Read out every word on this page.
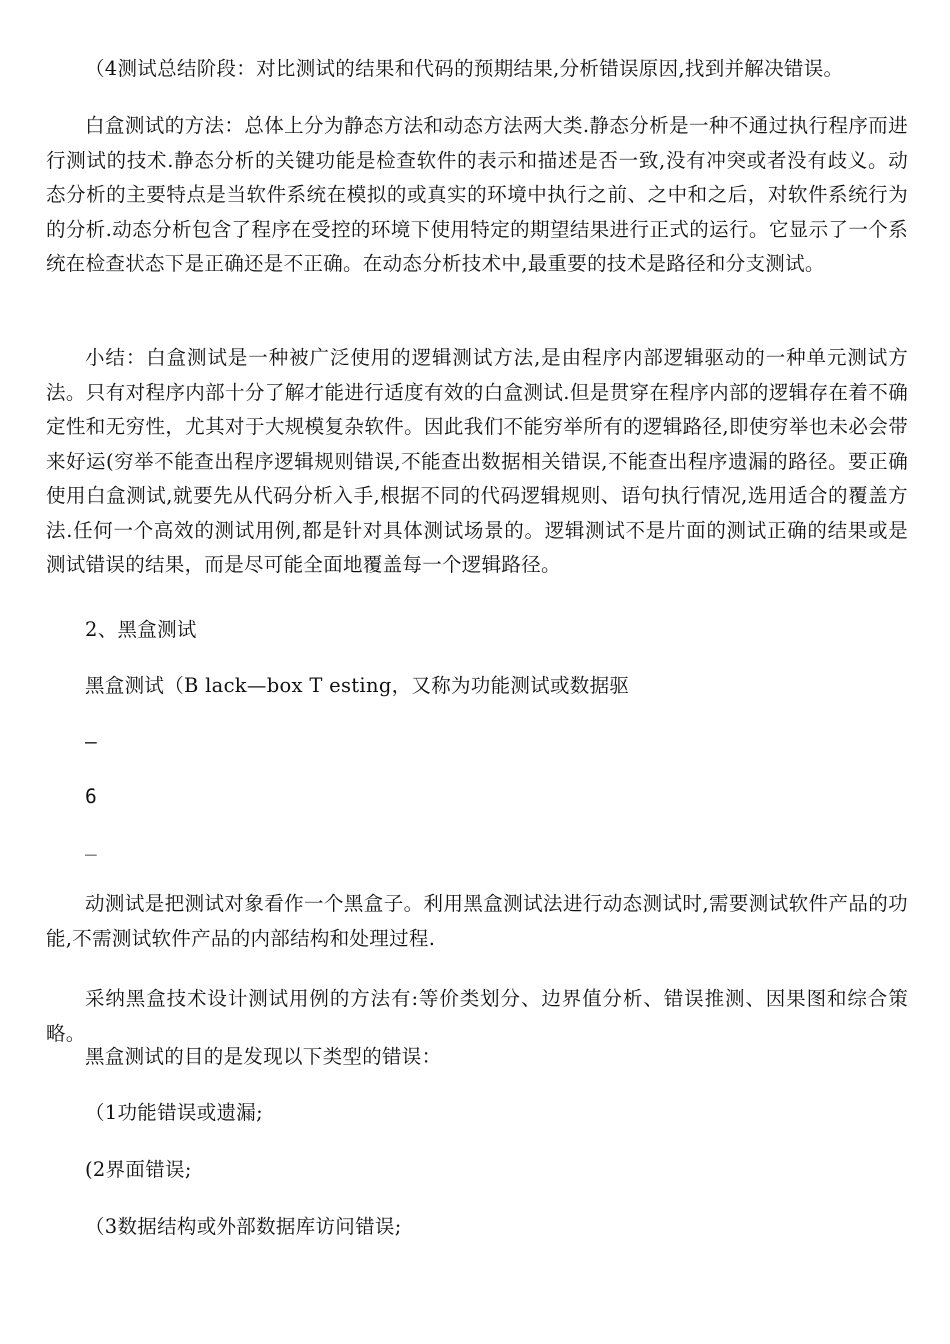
（4测试总结阶段：对比测试的结果和代码的预期结果,分析错误原因,找到并解决错误。

白盒测试的方法：总体上分为静态方法和动态方法两大类.静态分析是一种不通过执行程序而进行测试的技术.静态分析的关键功能是检查软件的表示和描述是否一致,没有冲突或者没有歧义。动态分析的主要特点是当软件系统在模拟的或真实的环境中执行之前、之中和之后，对软件系统行为的分析.动态分析包含了程序在受控的环境下使用特定的期望结果进行正式的运行。它显示了一个系统在检查状态下是正确还是不正确。在动态分析技术中,最重要的技术是路径和分支测试。

小结：白盒测试是一种被广泛使用的逻辑测试方法,是由程序内部逻辑驱动的一种单元测试方法。只有对程序内部十分了解才能进行适度有效的白盒测试.但是贯穿在程序内部的逻辑存在着不确定性和无穷性，尤其对于大规模复杂软件。因此我们不能穷举所有的逻辑路径,即使穷举也未必会带来好运(穷举不能查出程序逻辑规则错误,不能查出数据相关错误,不能查出程序遗漏的路径。要正确使用白盒测试,就要先从代码分析入手,根据不同的代码逻辑规则、语句执行情况,选用适合的覆盖方法.任何一个高效的测试用例,都是针对具体测试场景的。逻辑测试不是片面的测试正确的结果或是测试错误的结果，而是尽可能全面地覆盖每一个逻辑路径。

2、黑盒测试

黑盒测试（B lack—box T esting，又称为功能测试或数据驱

—

6

_

动测试是把测试对象看作一个黑盒子。利用黑盒测试法进行动态测试时,需要测试软件产品的功能,不需测试软件产品的内部结构和处理过程.

采纳黑盒技术设计测试用例的方法有:等价类划分、边界值分析、错误推测、因果图和综合策略。

黑盒测试的目的是发现以下类型的错误：

（1功能错误或遗漏;

(2界面错误;

（3数据结构或外部数据库访问错误;
